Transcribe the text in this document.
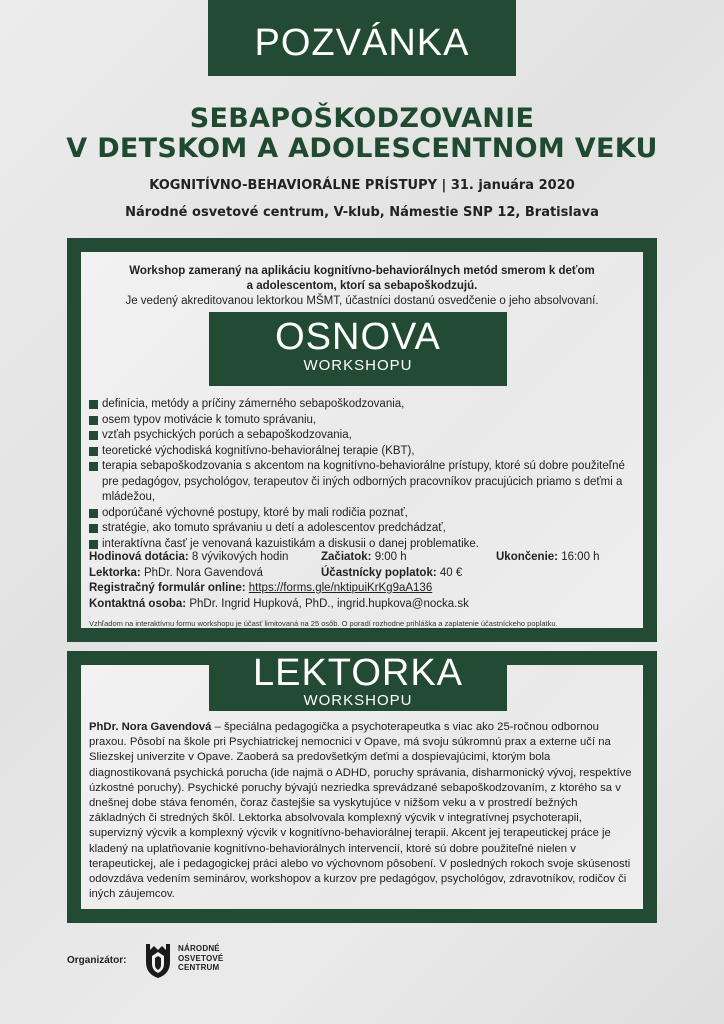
POZVÁNKA
SEBAPOŠKODZOVANIE
V DETSKOM A ADOLESCENTNOM VEKU
KOGNITÍVNO-BEHAVIORÁLNE PRÍSTUPY | 31. januára 2020
Národné osvetové centrum, V-klub, Námestie SNP 12, Bratislava
Workshop zameraný na aplikáciu kognitívno-behaviorálnych metód smerom k deťom
a adolescentom, ktorí sa sebapoškodzujú.
Je vedený akreditovanou lektorkou MŠMT, účastníci dostanú osvedčenie o jeho absolvovaní.
OSNOVA
WORKSHOPU
definícia, metódy a príčiny zámerného sebapoškodzovania,
osem typov motivácie k tomuto správaniu,
vzťah psychických porúch a sebapoškodzovania,
teoretické východiská kognitívno-behaviorálnej terapie (KBT),
terapia sebapoškodzovania s akcentom na kognitívno-behaviorálne prístupy, ktoré sú dobre použiteľné pre pedagógov, psychológov, terapeutov či iných odborných pracovníkov pracujúcich priamo s deťmi a mládežou,
odporúčané výchovné postupy, ktoré by mali rodičia poznať,
stratégie, ako tomuto správaniu u detí a adolescentov predchádzať,
interaktívna časť je venovaná kazuistikám a diskusii o danej problematike.
Hodinová dotácia: 8 vývikových hodin	Začiatok: 9:00 h	Ukončenie: 16:00 h
Lektorka: PhDr. Nora Gavendová	Účastnícky poplatok: 40 €
Registračný formulár online: https://forms.gle/nktipuiKrKg9aA136
Kontaktná osoba: PhDr. Ingrid Hupková, PhD., ingrid.hupkova@nocka.sk
Vzhľadom na interaktívnu formu workshopu je účasť limitovaná na 25 osôb. O poradí rozhodne prihláška a zaplatenie účastníckeho poplatku.
LEKTORKA
WORKSHOPU
PhDr. Nora Gavendová – špeciálna pedagogička a psychoterapeutka s viac ako 25-ročnou odbornou praxou. Pôsobí na škole pri Psychiatrickej nemocnici v Opave, má svoju súkromnú prax a externe učí na Sliezskej univerzite v Opave. Zaoberá sa predovšetkým deťmi a dospievajúcimi, ktorým bola diagnostikovaná psychická porucha (ide najmä o ADHD, poruchy správania, disharmonický vývoj, respektíve úzkostné poruchy). Psychické poruchy bývajú nezriedka sprevádzané sebapoškodzovaním, z ktorého sa v dnešnej dobe stáva fenomén, čoraz častejšie sa vyskytujúce v nižšom veku a v prostredí bežných základných či stredných škôl. Lektorka absolvovala komplexný výcvik v integratívnej psychoterapii, supervizný výcvik a komplexný výcvik v kognitívno-behaviorálnej terapii. Akcent jej terapeutickej práce je kladený na uplatňovanie kognitívno-behaviorálnych intervencií, ktoré sú dobre použiteľné nielen v terapeutickej, ale i pedagogickej práci alebo vo výchovnom pôsobení. V posledných rokoch svoje skúsenosti odovzdáva vedením seminárov, workshopov a kurzov pre pedagógov, psychológov, zdravotníkov, rodičov či iných záujemcov.
Organizátor:
NÁRODNÉ
OSVETOVÉ
CENTRUM
